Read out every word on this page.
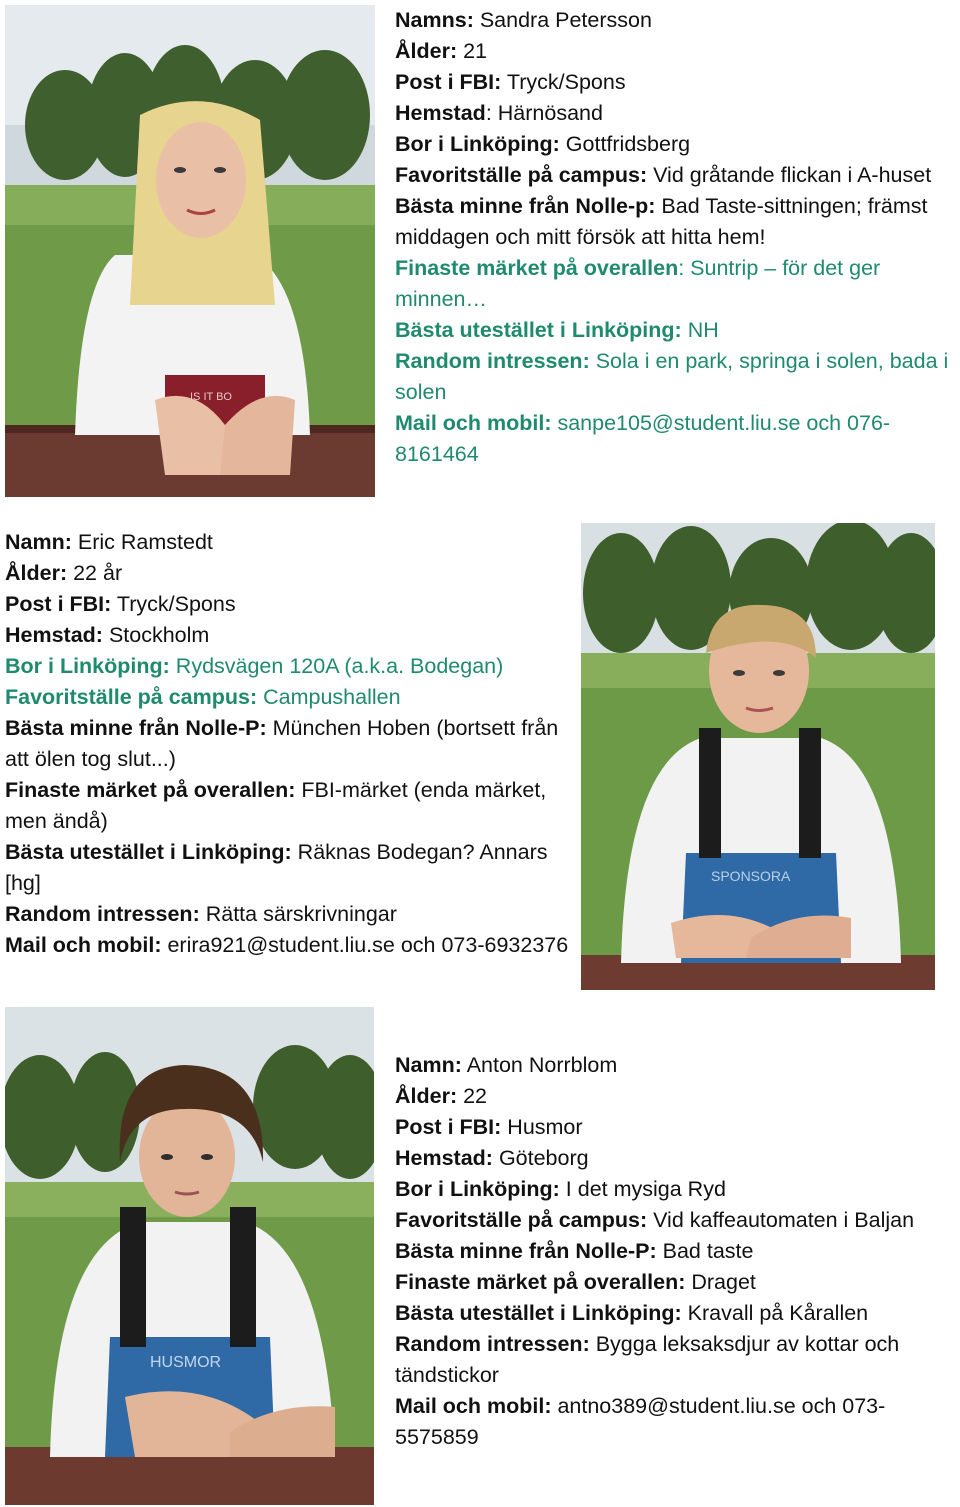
IS IT BO
Namns: Sandra Petersson
Ålder: 21
Post i FBI: Tryck/Spons
Hemstad: Härnösand
Bor i Linköping: Gottfridsberg
Favoritställe på campus: Vid gråtande flickan i A-huset
Bästa minne från Nolle-p: Bad Taste-sittningen; främst middagen och mitt försök att hitta hem!
Finaste märket på overallen: Suntrip – för det ger minnen…
Bästa utestället i Linköping: NH
Random intressen: Sola i en park, springa i solen, bada i solen
Mail och mobil: sanpe105@student.liu.se och 076-8161464
Namn: Eric Ramstedt
Ålder: 22 år
Post i FBI: Tryck/Spons
Hemstad: Stockholm
Bor i Linköping: Rydsvägen 120A (a.k.a. Bodegan)
Favoritställe på campus: Campushallen
Bästa minne från Nolle-P: München Hoben (bortsett från att ölen tog slut...)
Finaste märket på overallen: FBI-märket (enda märket, men ändå)
Bästa utestället i Linköping: Räknas Bodegan? Annars [hg]
Random intressen: Rätta särskrivningar
Mail och mobil: erira921@student.liu.se och 073-6932376
SPONSORA
HUSMOR
Namn: Anton Norrblom
Ålder: 22
Post i FBI: Husmor
Hemstad: Göteborg
Bor i Linköping: I det mysiga Ryd
Favoritställe på campus: Vid kaffeautomaten i Baljan
Bästa minne från Nolle-P: Bad taste
Finaste märket på overallen: Draget
Bästa utestället i Linköping: Kravall på Kårallen
Random intressen: Bygga leksaksdjur av kottar och tändstickor
Mail och mobil: antno389@student.liu.se och 073-5575859
